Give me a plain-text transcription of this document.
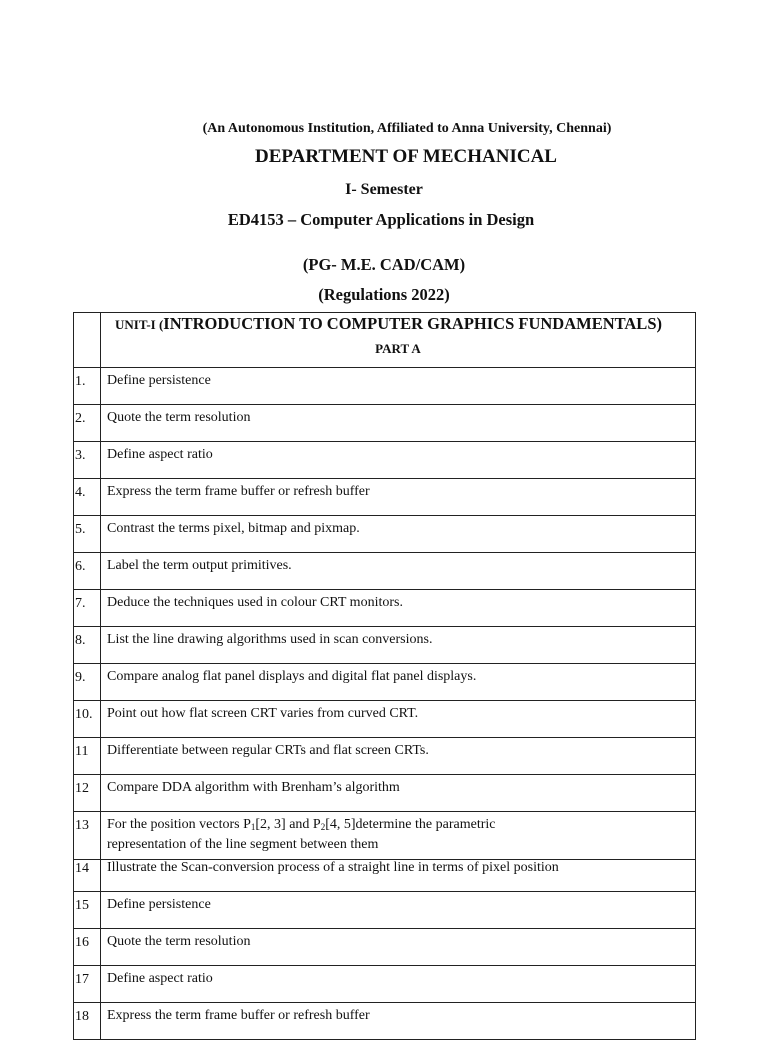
(An Autonomous Institution, Affiliated to Anna University, Chennai)
DEPARTMENT OF MECHANICAL
I- Semester
ED4153 – Computer Applications in Design
(PG- M.E. CAD/CAM)
(Regulations 2022)

	UNIT-I (INTRODUCTION TO COMPUTER GRAPHICS FUNDAMENTALS)
PART A

1.	Define persistence
2.	Quote the term resolution
3.	Define aspect ratio
4.	Express the term frame buffer or refresh buffer
5.	Contrast the terms pixel, bitmap and pixmap.
6.	Label the term output primitives.
7.	Deduce the techniques used in colour CRT monitors.
8.	List the line drawing algorithms used in scan conversions.
9.	Compare analog flat panel displays and digital flat panel displays.
10.	Point out how flat screen CRT varies from curved CRT.
11	Differentiate between regular CRTs and flat screen CRTs.
12	Compare DDA algorithm with Brenham’s algorithm
13	For the position vectors $P_1[2$, 3] and $P_2[4$, 5]determine the parametric
representation of the line segment between them

14	Illustrate the Scan-conversion process of a straight line in terms of pixel position
15	Define persistence
16	Quote the term resolution
17	Define aspect ratio
18	Express the term frame buffer or refresh buffer
